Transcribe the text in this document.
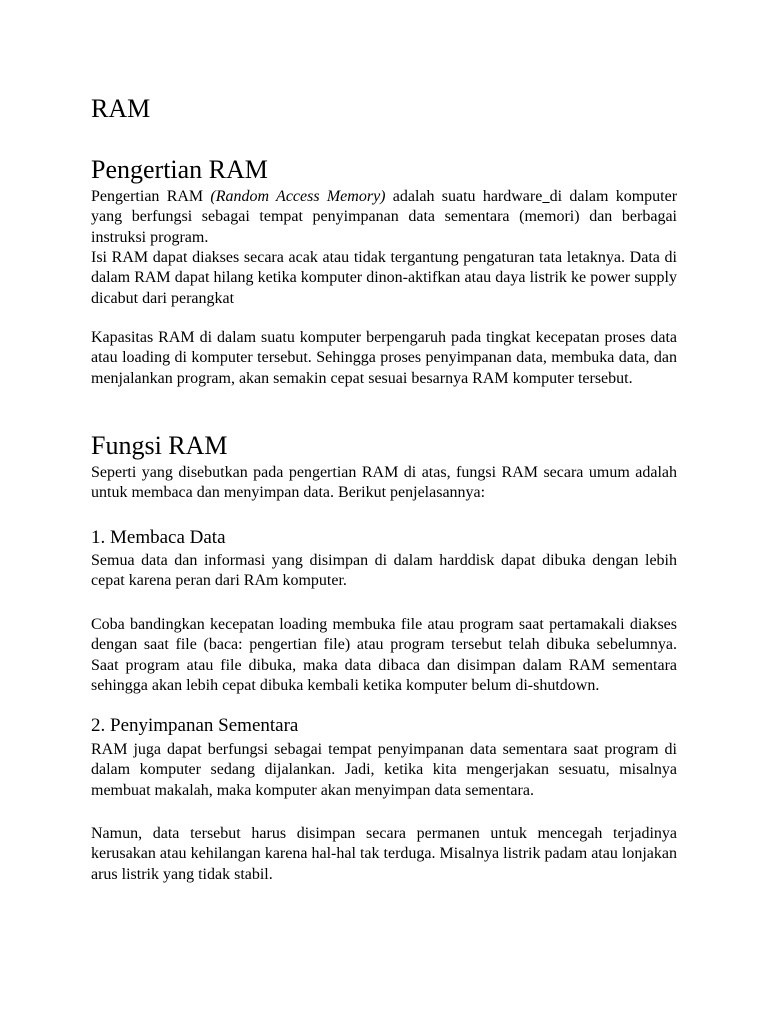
RAM
Pengertian RAM

Pengertian RAM (Random Access Memory) adalah suatu hardware di dalam komputer yang berfungsi sebagai tempat penyimpanan data sementara (memori) dan berbagai instruksi program.

Isi RAM dapat diakses secara acak atau tidak tergantung pengaturan tata letaknya. Data di dalam RAM dapat hilang ketika komputer dinon-aktifkan atau daya listrik ke power supply dicabut dari perangkat

Kapasitas RAM di dalam suatu komputer berpengaruh pada tingkat kecepatan proses data atau loading di komputer tersebut. Sehingga proses penyimpanan data, membuka data, dan menjalankan program, akan semakin cepat sesuai besarnya RAM komputer tersebut.

Fungsi RAM

Seperti yang disebutkan pada pengertian RAM di atas, fungsi RAM secara umum adalah untuk membaca dan menyimpan data. Berikut penjelasannya:

1. Membaca Data

Semua data dan informasi yang disimpan di dalam harddisk dapat dibuka dengan lebih cepat karena peran dari RAm komputer.

Coba bandingkan kecepatan loading membuka file atau program saat pertamakali diakses dengan saat file (baca: pengertian file) atau program tersebut telah dibuka sebelumnya. Saat program atau file dibuka, maka data dibaca dan disimpan dalam RAM sementara sehingga akan lebih cepat dibuka kembali ketika komputer belum di-shutdown.

2. Penyimpanan Sementara

RAM juga dapat berfungsi sebagai tempat penyimpanan data sementara saat program di dalam komputer sedang dijalankan. Jadi, ketika kita mengerjakan sesuatu, misalnya membuat makalah, maka komputer akan menyimpan data sementara.

Namun, data tersebut harus disimpan secara permanen untuk mencegah terjadinya kerusakan atau kehilangan karena hal-hal tak terduga. Misalnya listrik padam atau lonjakan arus listrik yang tidak stabil.
